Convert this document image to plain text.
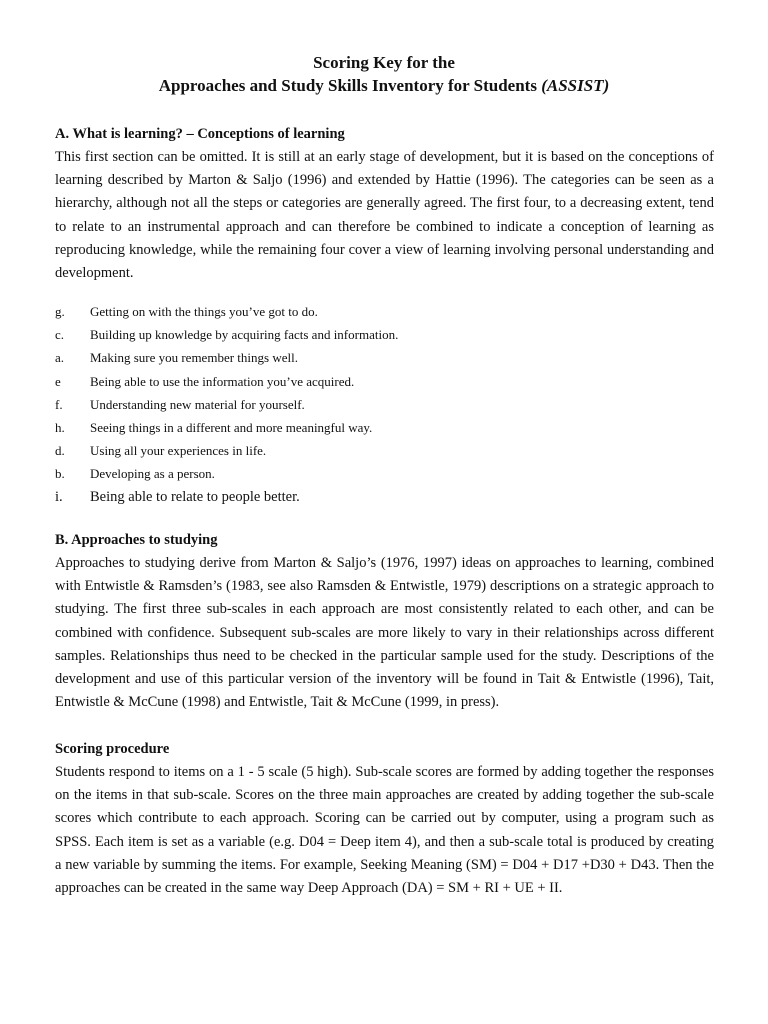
Scoring Key for the
Approaches and Study Skills Inventory for Students (ASSIST)
A. What is learning? – Conceptions of learning

This first section can be omitted. It is still at an early stage of development, but it is based on the conceptions of learning described by Marton & Saljo (1996) and extended by Hattie (1996). The categories can be seen as a hierarchy, although not all the steps or categories are generally agreed. The first four, to a decreasing extent, tend to relate to an instrumental approach and can therefore be combined to indicate a conception of learning as reproducing knowledge, while the remaining four cover a view of learning involving personal understanding and development.

g. Getting on with the things you’ve got to do.
c. Building up knowledge by acquiring facts and information.
a. Making sure you remember things well.
e Being able to use the information you’ve acquired.
f. Understanding new material for yourself.
h. Seeing things in a different and more meaningful way.
d. Using all your experiences in life.
b. Developing as a person.
i. Being able to relate to people better.
B. Approaches to studying

Approaches to studying derive from Marton & Saljo’s (1976, 1997) ideas on approaches to learning, combined with Entwistle & Ramsden’s (1983, see also Ramsden & Entwistle, 1979) descriptions on a strategic approach to studying. The first three sub-scales in each approach are most consistently related to each other, and can be combined with confidence. Subsequent sub-scales are more likely to vary in their relationships across different samples. Relationships thus need to be checked in the particular sample used for the study. Descriptions of the development and use of this particular version of the inventory will be found in Tait & Entwistle (1996), Tait, Entwistle & McCune (1998) and Entwistle, Tait & McCune (1999, in press).

Scoring procedure

Students respond to items on a 1 - 5 scale (5 high). Sub-scale scores are formed by adding together the responses on the items in that sub-scale. Scores on the three main approaches are created by adding together the sub-scale scores which contribute to each approach. Scoring can be carried out by computer, using a program such as SPSS. Each item is set as a variable (e.g. D04 = Deep item 4), and then a sub-scale total is produced by creating a new variable by summing the items. For example, Seeking Meaning (SM) = D04 + D17 +D30 + D43. Then the approaches can be created in the same way Deep Approach (DA) = SM + RI + UE + II.
